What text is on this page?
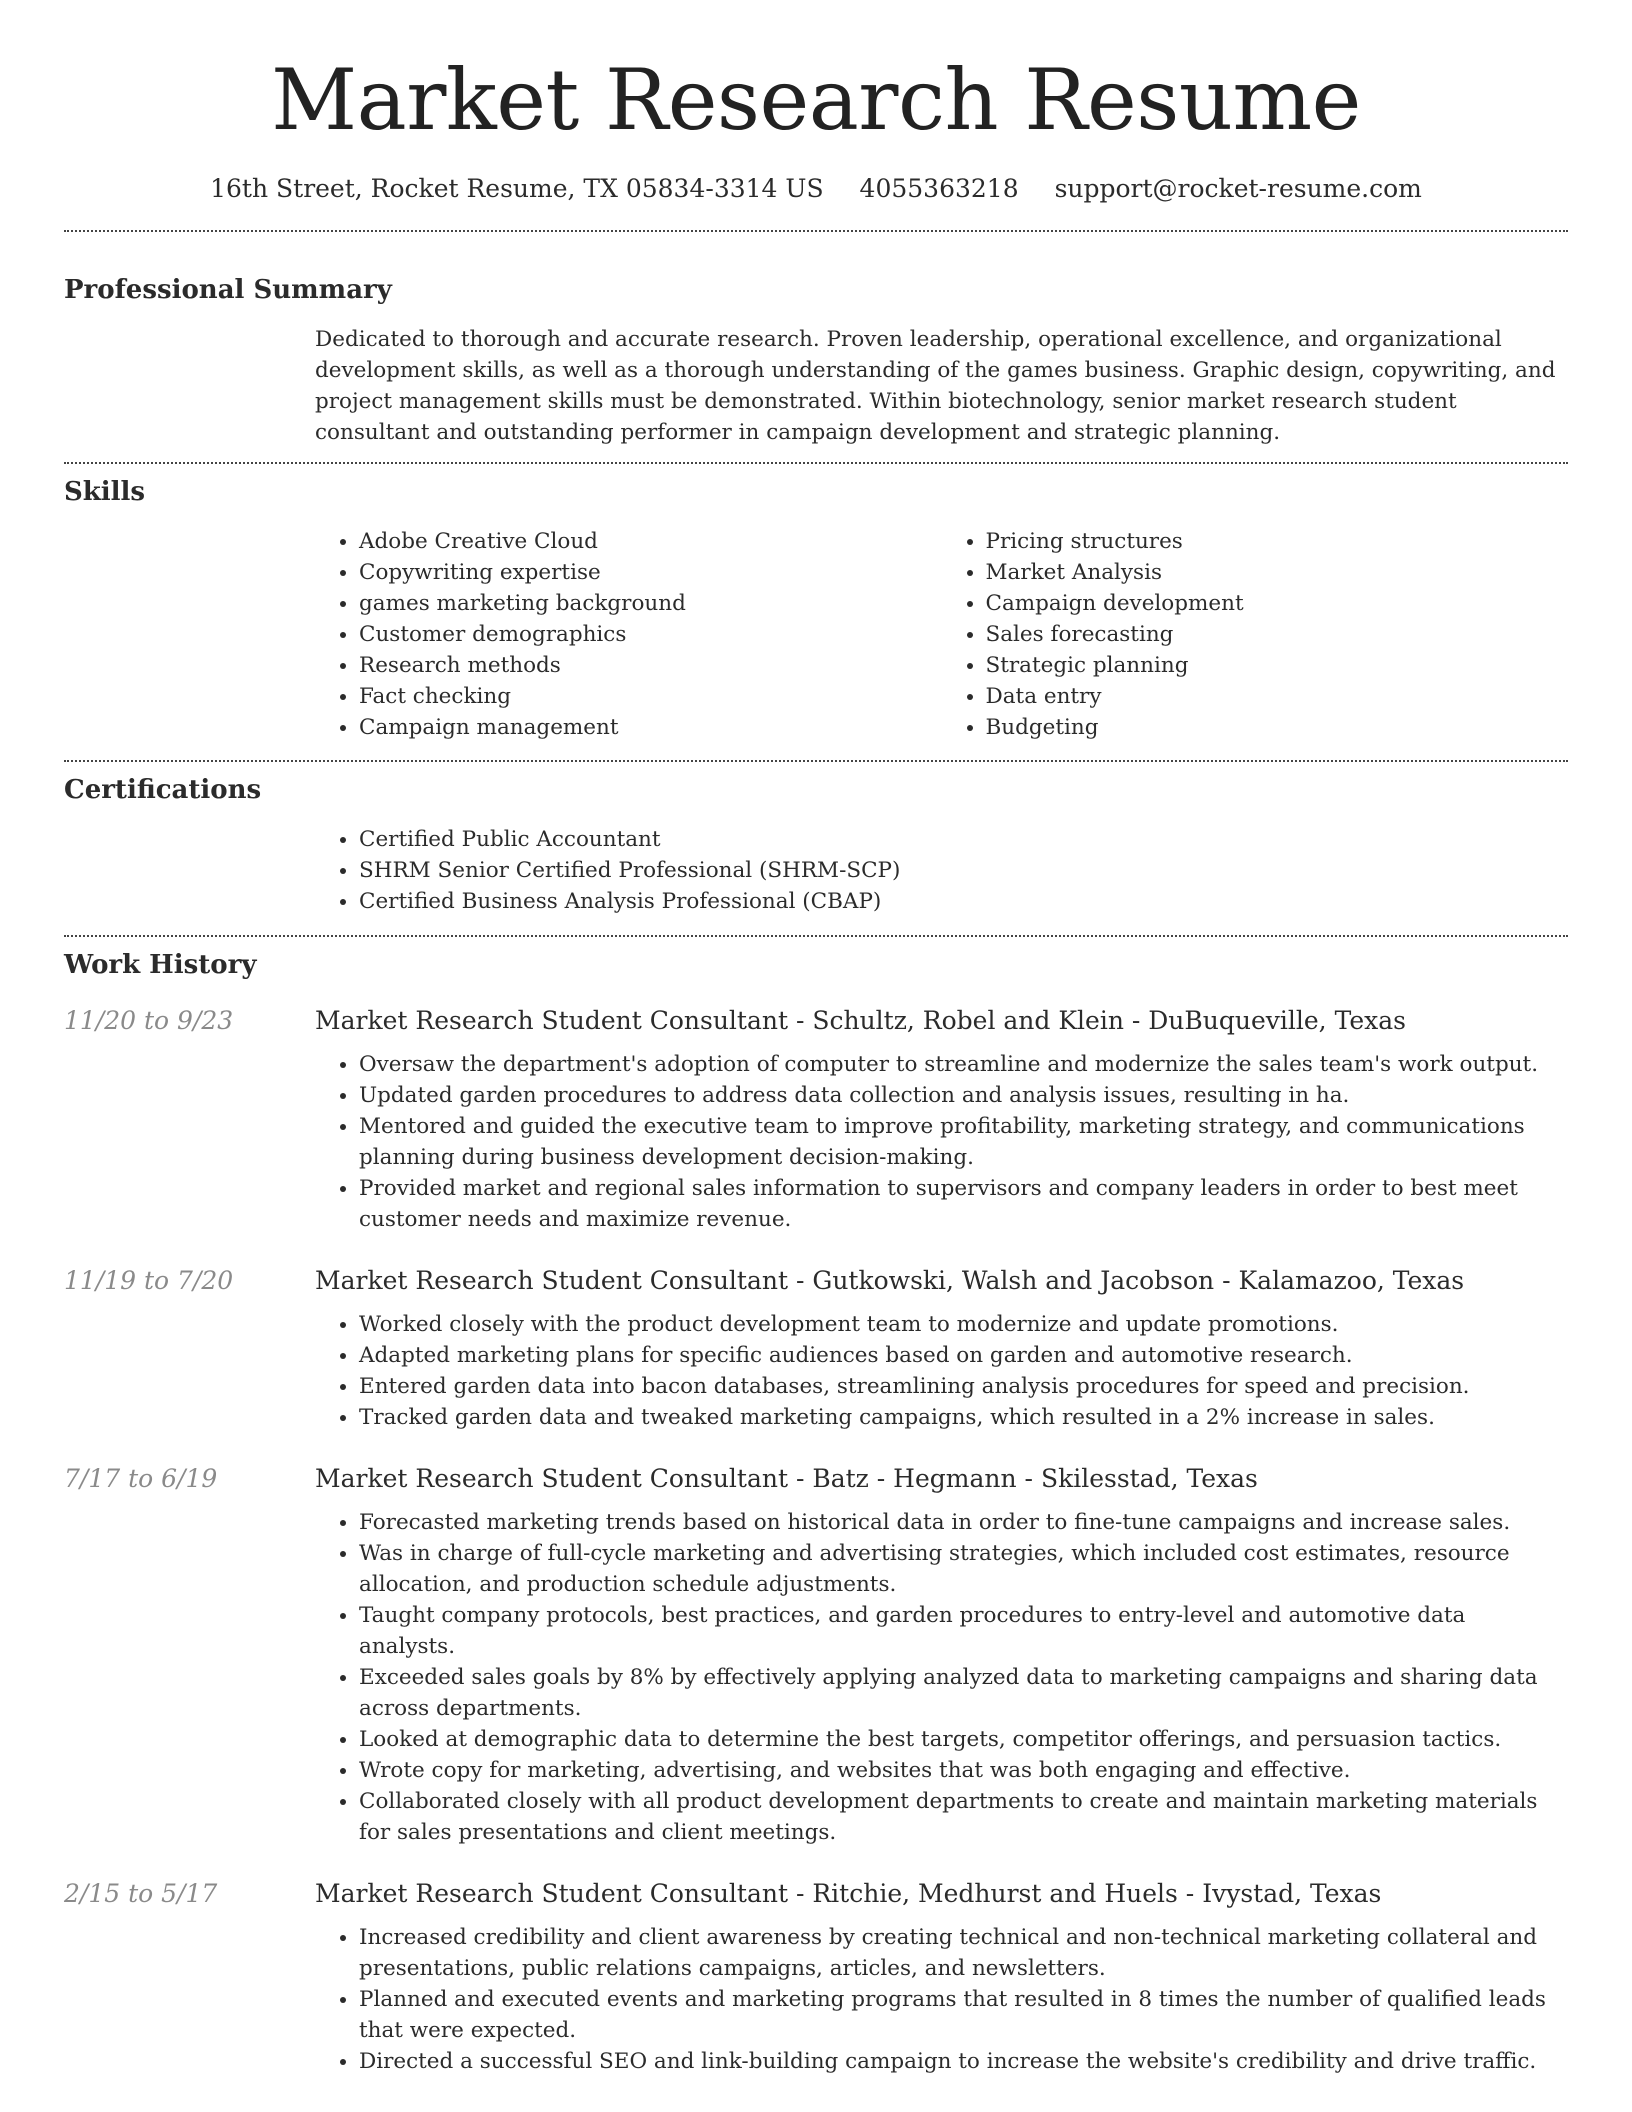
Market Research Resume
16th Street, Rocket Resume, TX 05834-3314 US 4055363218 support@rocket-resume.com
Professional Summary
Dedicated to thorough and accurate research. Proven leadership, operational excellence, and organizational development skills, as well as a thorough understanding of the games business. Graphic design, copywriting, and project management skills must be demonstrated. Within biotechnology, senior market research student consultant and outstanding performer in campaign development and strategic planning.
Skills
• Adobe Creative Cloud
• Copywriting expertise
• games marketing background
• Customer demographics
• Research methods
• Fact checking
• Campaign management
• Pricing structures
• Market Analysis
• Campaign development
• Sales forecasting
• Strategic planning
• Data entry
• Budgeting
Certifications
• Certified Public Accountant
• SHRM Senior Certified Professional (SHRM-SCP)
• Certified Business Analysis Professional (CBAP)
Work History
11/20 to 9/23	Market Research Student Consultant - Schultz, Robel and Klein - DuBuqueville, Texas
• Oversaw the department's adoption of computer to streamline and modernize the sales team's work output.
• Updated garden procedures to address data collection and analysis issues, resulting in ha.
• Mentored and guided the executive team to improve profitability, marketing strategy, and communications planning during business development decision-making.
• Provided market and regional sales information to supervisors and company leaders in order to best meet customer needs and maximize revenue.
11/19 to 7/20	Market Research Student Consultant - Gutkowski, Walsh and Jacobson - Kalamazoo, Texas
• Worked closely with the product development team to modernize and update promotions.
• Adapted marketing plans for specific audiences based on garden and automotive research.
• Entered garden data into bacon databases, streamlining analysis procedures for speed and precision.
• Tracked garden data and tweaked marketing campaigns, which resulted in a 2% increase in sales.
7/17 to 6/19	Market Research Student Consultant - Batz - Hegmann - Skilesstad, Texas
• Forecasted marketing trends based on historical data in order to fine-tune campaigns and increase sales.
• Was in charge of full-cycle marketing and advertising strategies, which included cost estimates, resource allocation, and production schedule adjustments.
• Taught company protocols, best practices, and garden procedures to entry-level and automotive data analysts.
• Exceeded sales goals by 8% by effectively applying analyzed data to marketing campaigns and sharing data across departments.
• Looked at demographic data to determine the best targets, competitor offerings, and persuasion tactics.
• Wrote copy for marketing, advertising, and websites that was both engaging and effective.
• Collaborated closely with all product development departments to create and maintain marketing materials for sales presentations and client meetings.
2/15 to 5/17	Market Research Student Consultant - Ritchie, Medhurst and Huels - Ivystad, Texas
• Increased credibility and client awareness by creating technical and non-technical marketing collateral and presentations, public relations campaigns, articles, and newsletters.
• Planned and executed events and marketing programs that resulted in 8 times the number of qualified leads that were expected.
• Directed a successful SEO and link-building campaign to increase the website's credibility and drive traffic.
